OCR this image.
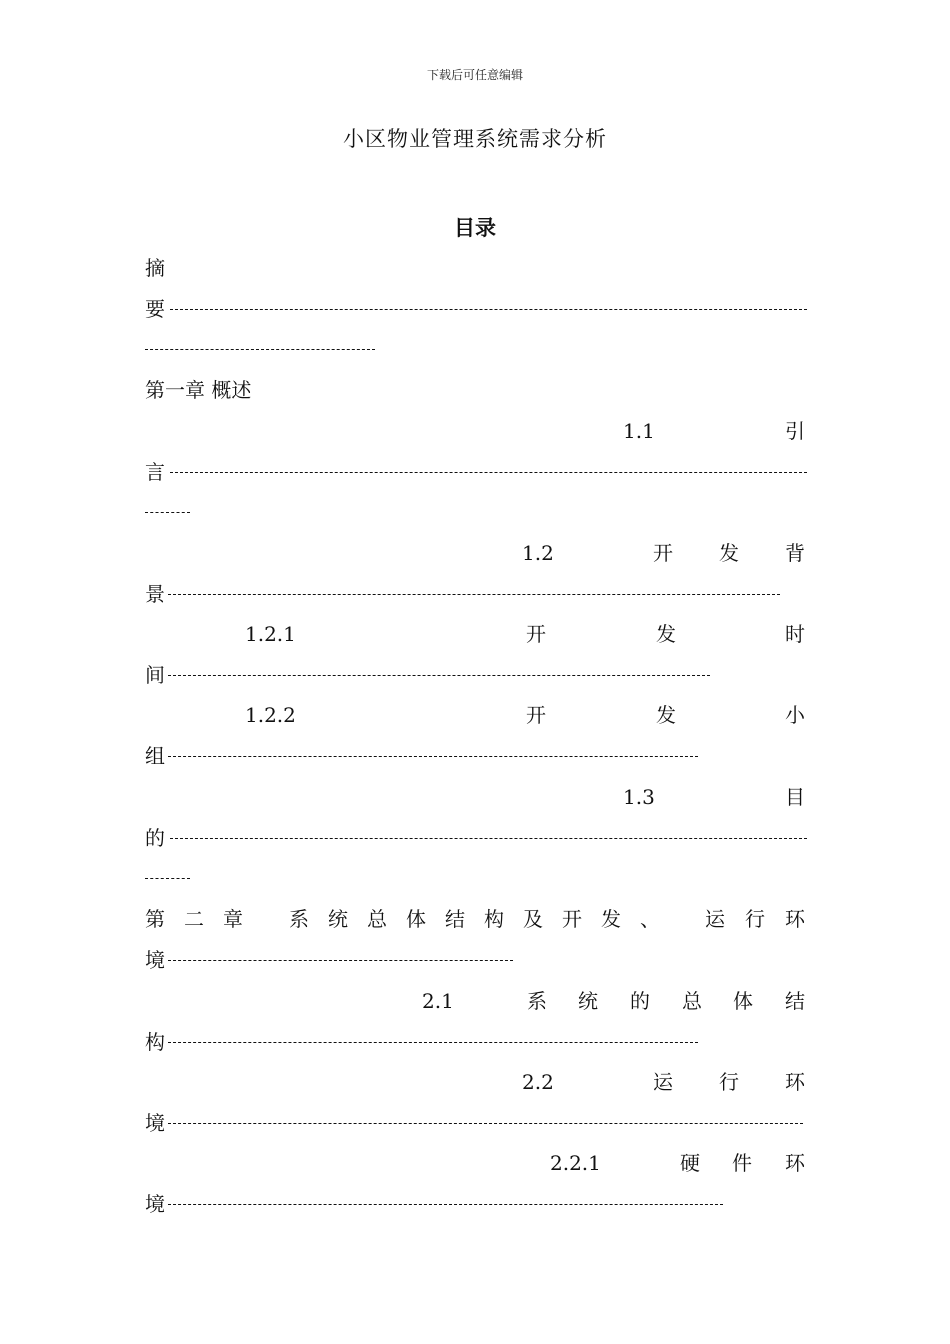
下载后可任意编辑
小区物业管理系统需求分析
目录
摘
要
第一章 概述
1.1	引
言
1.2	开 发 背
景
1.2.1	开	发	时
间
1.2.2	开	发	小
组
1.3	目
的
第 二 章 系 统 总 体 结 构 及 开 发 、 运 行 环
境
2.1	系 统 的 总 体 结
构
2.2	运 行 环
境
2.2.1	硬 件 环
境
